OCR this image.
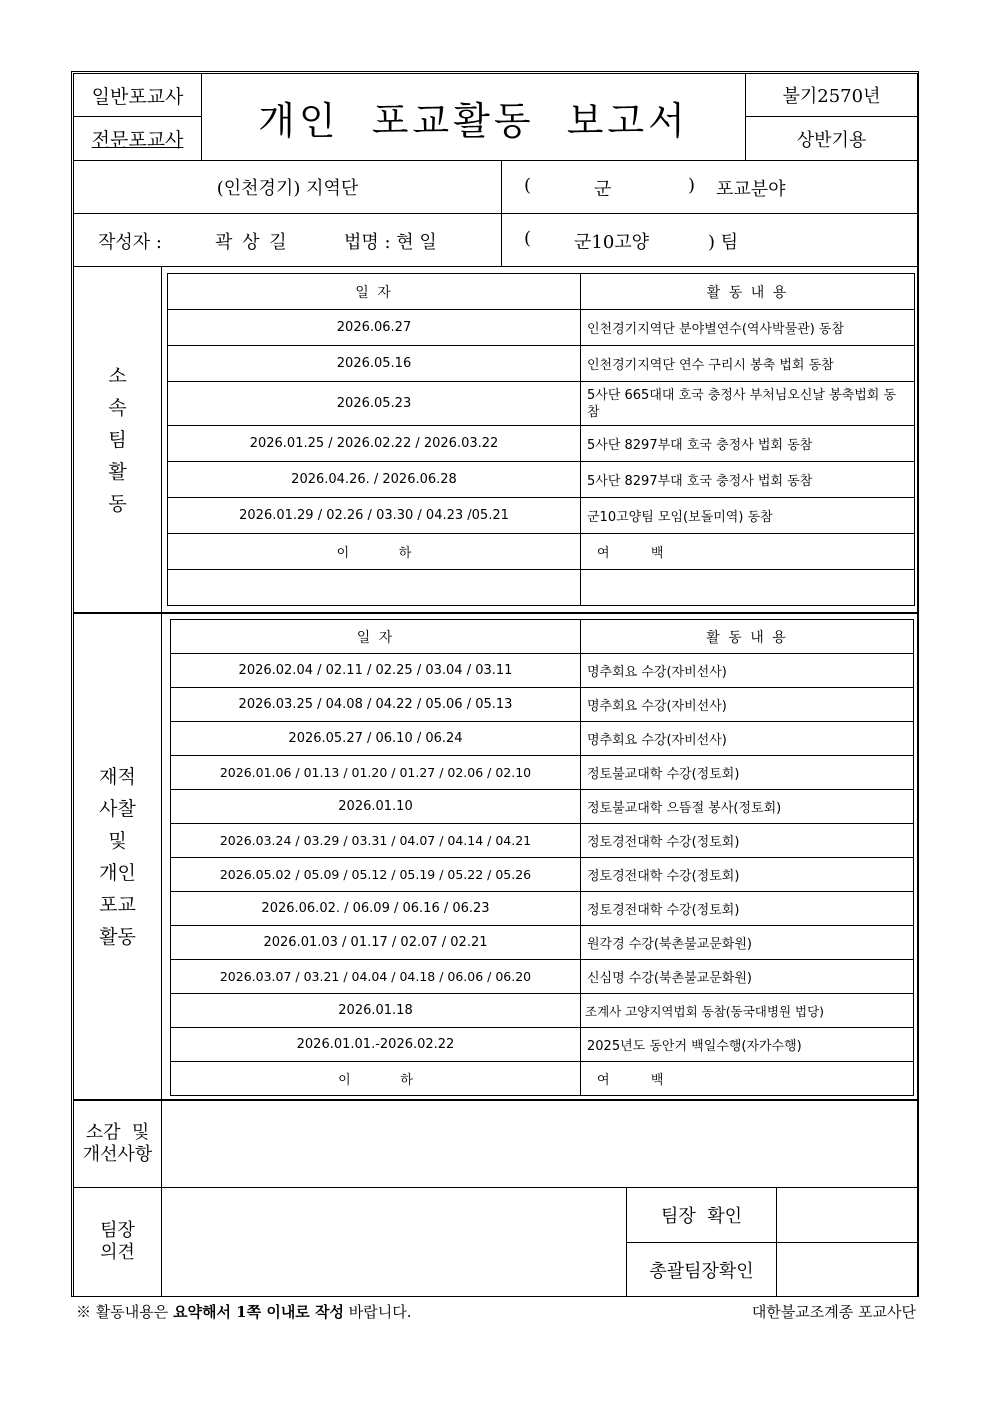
일반포교사
전문포교사 개인  포교활동  보고서
불기2570년
상반기용
(인천경기) 지역단	(	군	) 포교분야
작성자 :	곽 상 길	법명 : 현 일	( 군10고양	) 팀
소
속
팀
활
동
일 자	활 동 내 용
2026.06.27	인천경기지역단 분야별연수(역사박물관) 동참
2026.05.16	인천경기지역단 연수 구리시 봉축 법회 동참
2026.05.23	5사단 665대대 호국 충정사 부처님오신날 봉축법회 동참
2026.01.25 / 2026.02.22 / 2026.03.22	5사단 8297부대 호국 충정사 법회 동참
2026.04.26. / 2026.06.28	5사단 8297부대 호국 충정사 법회 동참
2026.01.29 / 02.26 / 03.30 / 04.23 /05.21	군10고양팀 모임(보돌미역) 동참
이            하	여          백

재적
사찰
및
개인
포교
활동
일 자	활 동 내 용
2026.02.04 / 02.11 / 02.25 / 03.04 / 03.11	명추회요 수강(자비선사)
2026.03.25 / 04.08 / 04.22 / 05.06 / 05.13	명추회요 수강(자비선사)
2026.05.27 / 06.10 / 06.24	명추회요 수강(자비선사)
2026.01.06 / 01.13 / 01.20 / 01.27 / 02.06 / 02.10	정토불교대학 수강(정토회)
2026.01.10	정토불교대학 으뜸절 봉사(정토회)
2026.03.24 / 03.29 / 03.31 / 04.07 / 04.14 / 04.21	정토경전대학 수강(정토회)
2026.05.02 / 05.09 / 05.12 / 05.19 / 05.22 / 05.26	정토경전대학 수강(정토회)
2026.06.02. / 06.09 / 06.16 / 06.23	정토경전대학 수강(정토회)
2026.01.03 / 01.17 / 02.07 / 02.21	원각경 수강(북촌불교문화원)
2026.03.07 / 03.21 / 04.04 / 04.18 / 06.06 / 06.20	신심명 수강(북촌불교문화원)
2026.01.18	조계사 고양지역법회 동참(동국대병원 법당)
2026.01.01.-2026.02.22	2025년도 동안거 백일수행(자가수행)
이            하	여          백
소감  및
개선사항
팀장
의견
팀장  확인
총괄팀장확인
※ 활동내용은 요약해서 1쪽 이내로 작성 바랍니다.	대한불교조계종 포교사단
